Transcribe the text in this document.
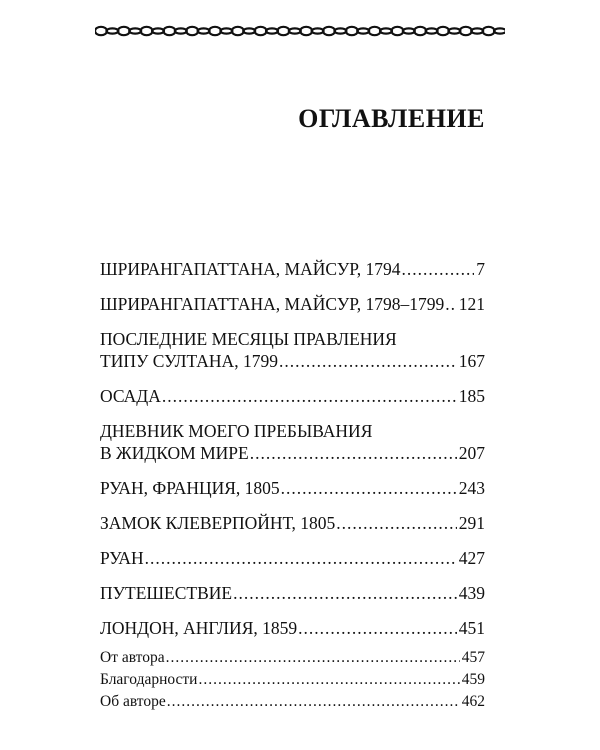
ОГЛАВЛЕНИЕ
ШРИРАНГАПАТТАНА, МАЙСУР, 1794 .....	7
ШРИРАНГАПАТТАНА, МАЙСУР, 1798–1799 ..... 121
ПОСЛЕДНИЕ МЕСЯЦЫ ПРАВЛЕНИЯ
ТИПУ СУЛТАНА, 1799 .....	167
ОСАДА .....	185
ДНЕВНИК МОЕГО ПРЕБЫВАНИЯ
В ЖИДКОМ МИРЕ .....	207
РУАН, ФРАНЦИЯ, 1805 .....	243
ЗАМОК КЛЕВЕРПОЙНТ, 1805 .....	291
РУАН .....	427
ПУТЕШЕСТВИЕ .....	439
ЛОНДОН, АНГЛИЯ, 1859 .....	451
От автора .....	457
Благодарности .....	459
Об авторе .....	462
